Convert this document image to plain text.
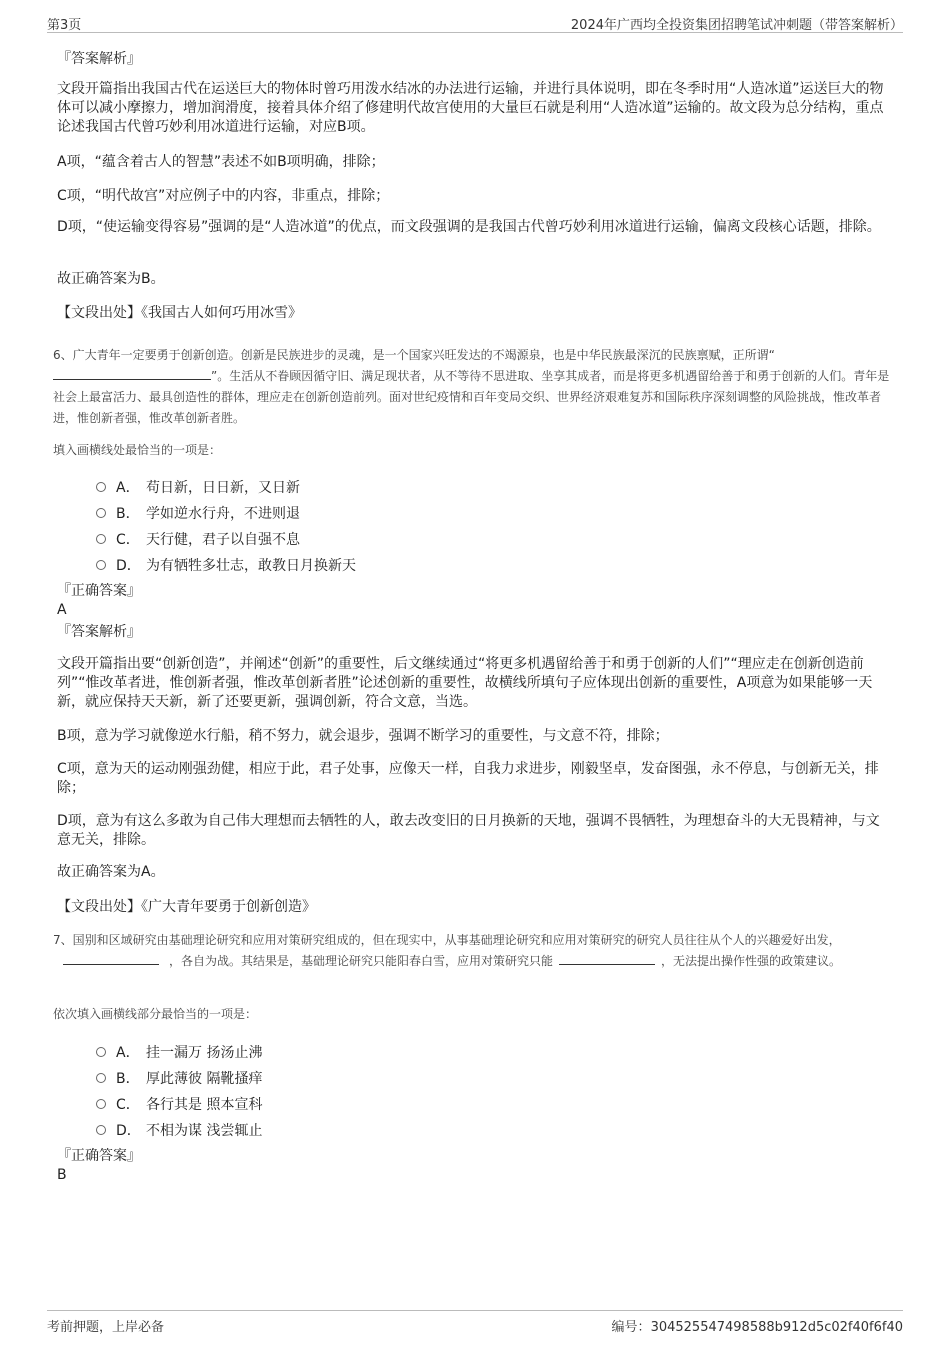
第3页	2024年广西均全投资集团招聘笔试冲刺题（带答案解析）
『答案解析』
文段开篇指出我国古代在运送巨大的物体时曾巧用泼水结冰的办法进行运输，并进行具体说明，即在冬季时用“人造冰道”运送巨大的物体可以减小摩擦力，增加润滑度，接着具体介绍了修建明代故宫使用的大量巨石就是利用“人造冰道”运输的。故文段为总分结构，重点论述我国古代曾巧妙利用冰道进行运输，对应B项。
A项，“蕴含着古人的智慧”表述不如B项明确，排除；
C项，“明代故宫”对应例子中的内容，非重点，排除；
D项，“使运输变得容易”强调的是“人造冰道”的优点，而文段强调的是我国古代曾巧妙利用冰道进行运输，偏离文段核心话题，排除。
故正确答案为B。
【文段出处】《我国古人如何巧用冰雪》
6、广大青年一定要勇于创新创造。创新是民族进步的灵魂，是一个国家兴旺发达的不竭源泉，也是中华民族最深沉的民族禀赋，正所谓“”。生活从不眷顾因循守旧、满足现状者，从不等待不思进取、坐享其成者，而是将更多机遇留给善于和勇于创新的人们。青年是社会上最富活力、最具创造性的群体，理应走在创新创造前列。面对世纪疫情和百年变局交织、世界经济艰难复苏和国际秩序深刻调整的风险挑战，惟改革者进，惟创新者强，惟改革创新者胜。
填入画横线处最恰当的一项是：
A． 苟日新，日日新，又日新
B． 学如逆水行舟，不进则退
C． 天行健，君子以自强不息
D． 为有牺牲多壮志，敢教日月换新天
『正确答案』
A
『答案解析』
文段开篇指出要“创新创造”，并阐述“创新”的重要性，后文继续通过“将更多机遇留给善于和勇于创新的人们”“理应走在创新创造前列”“惟改革者进，惟创新者强，惟改革创新者胜”论述创新的重要性，故横线所填句子应体现出创新的重要性，A项意为如果能够一天新，就应保持天天新，新了还要更新，强调创新，符合文意，当选。
B项，意为学习就像逆水行船，稍不努力，就会退步，强调不断学习的重要性，与文意不符，排除；
C项，意为天的运动刚强劲健，相应于此，君子处事，应像天一样，自我力求进步，刚毅坚卓，发奋图强，永不停息，与创新无关，排除；
D项，意为有这么多敢为自己伟大理想而去牺牲的人，敢去改变旧的日月换新的天地，强调不畏牺牲，为理想奋斗的大无畏精神，与文意无关，排除。
故正确答案为A。
【文段出处】《广大青年要勇于创新创造》
7、国别和区域研究由基础理论研究和应用对策研究组成的，但在现实中，从事基础理论研究和应用对策研究的研究人员往往从个人的兴趣爱好出发，，各自为战。其结果是，基础理论研究只能阳春白雪，应用对策研究只能	，无法提出操作性强的政策建议。
依次填入画横线部分最恰当的一项是：
A． 挂一漏万 扬汤止沸
B． 厚此薄彼 隔靴搔痒
C． 各行其是 照本宣科
D． 不相为谋 浅尝辄止
『正确答案』
B
考前押题，上岸必备	编号：304525547498588b912d5c02f40f6f40
